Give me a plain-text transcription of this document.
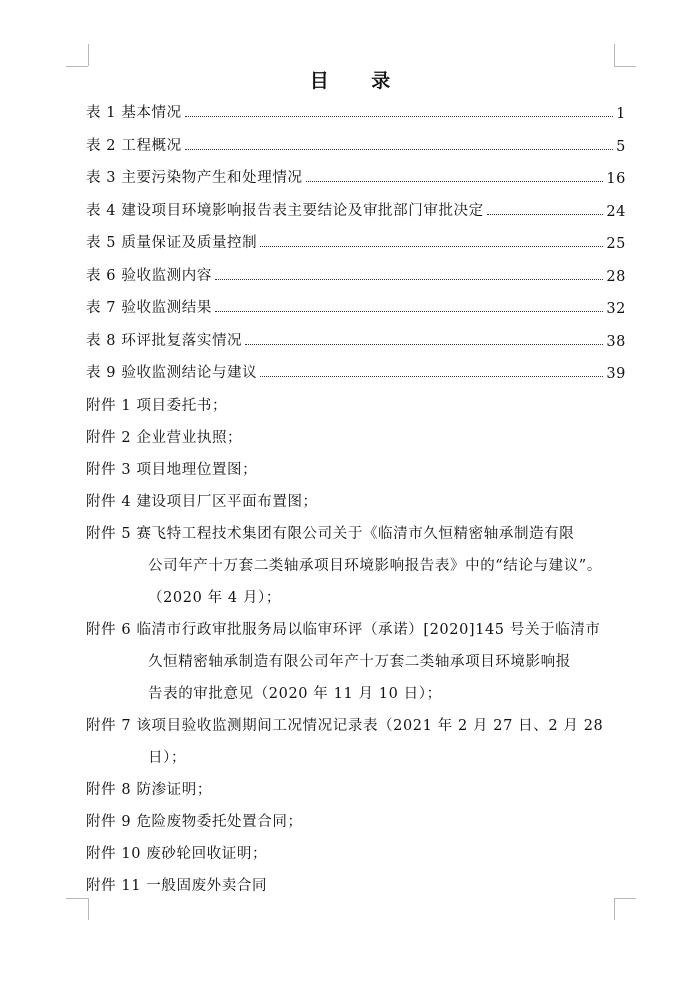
目 录
表 1 基本情况	1
表 2 工程概况	5
表 3 主要污染物产生和处理情况	16
表 4 建设项目环境影响报告表主要结论及审批部门审批决定	24
表 5 质量保证及质量控制	25
表 6 验收监测内容	28
表 7 验收监测结果	32
表 8 环评批复落实情况	38
表 9 验收监测结论与建议	39
附件 1 项目委托书；
附件 2 企业营业执照；
附件 3 项目地理位置图；
附件 4 建设项目厂区平面布置图；
附件 5 赛飞特工程技术集团有限公司关于《临清市久恒精密轴承制造有限
公司年产十万套二类轴承项目环境影响报告表》中的“结论与建议”。
（2020 年 4 月）；
附件 6 临清市行政审批服务局以临审环评（承诺）[2020]145 号关于临清市
久恒精密轴承制造有限公司年产十万套二类轴承项目环境影响报
告表的审批意见（2020 年 11 月 10 日）；
附件 7 该项目验收监测期间工况情况记录表（2021 年 2 月 27 日、2 月 28
日）；
附件 8 防渗证明；
附件 9 危险废物委托处置合同；
附件 10 废砂轮回收证明；
附件 11 一般固废外卖合同
